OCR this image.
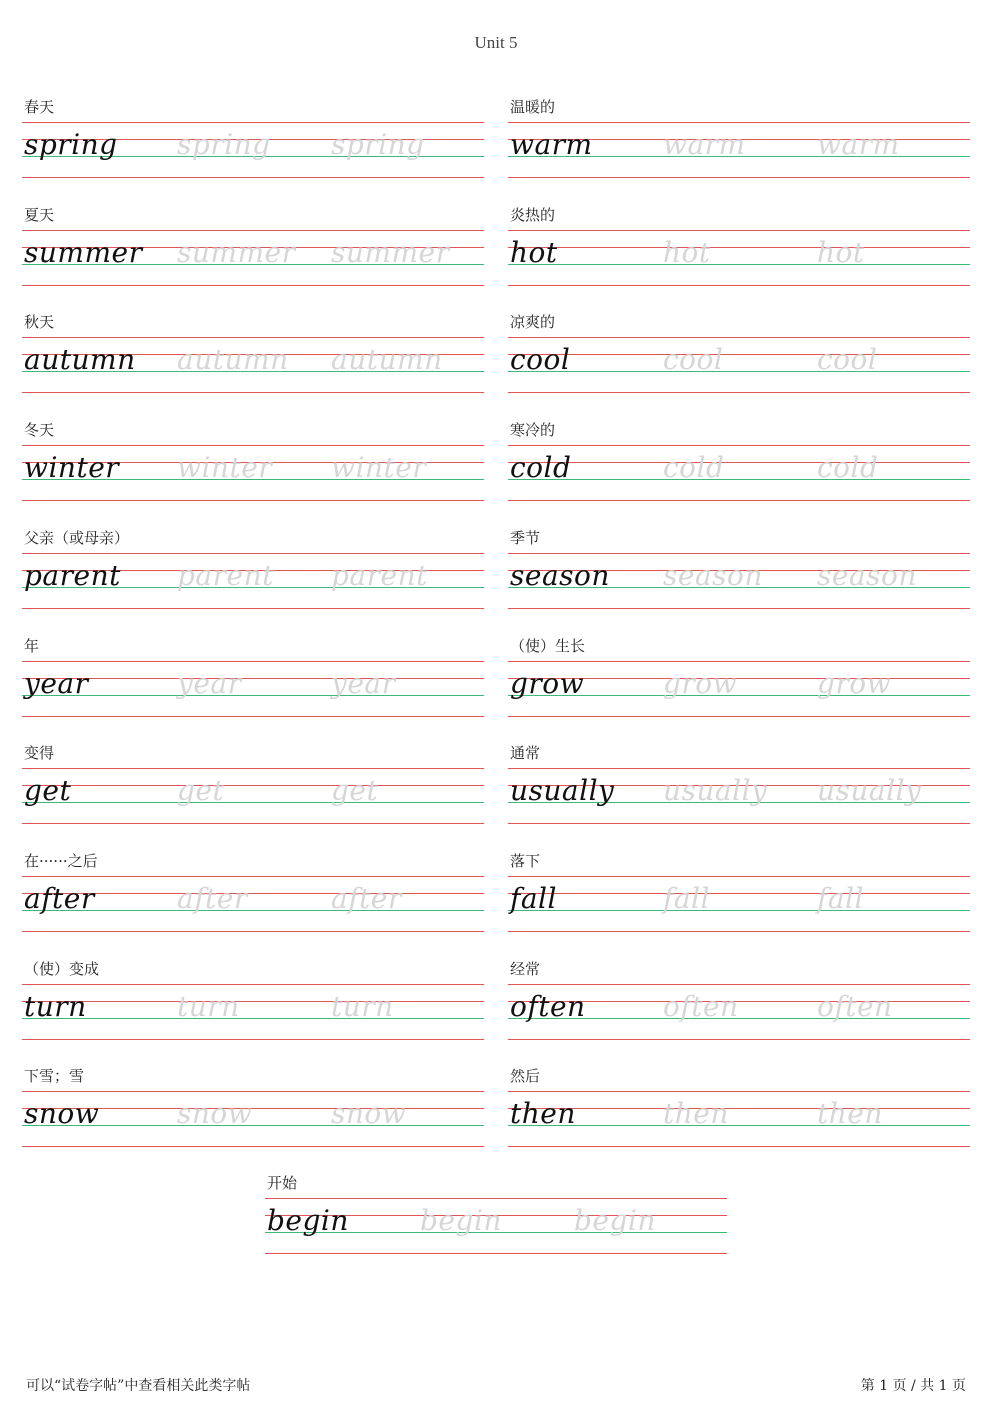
Unit 5
春天
spring spring spring
温暖的
warm	warm	warm
夏天
summer summer summer
炎热的
hot	hot	hot
秋天
autumn autumn autumn
凉爽的
cool	cool	cool
冬天
winter winter winter
寒冷的
cold	cold	cold
父亲（或母亲）
parent parent parent
季节
season season season
年
year	year	year
（使）生长
grow	grow	grow
变得
get	get	get
通常
usually usually usually
在······之后
after	after	after
落下
fall	fall	fall
（使）变成
turn	turn	turn
经常
often	often	often
下雪；雪
snow	snow	snow
然后
then	then	then
开始
begin	begin	begin
可以“试卷字帖”中查看相关此类字帖	第 1 页 / 共 1 页
